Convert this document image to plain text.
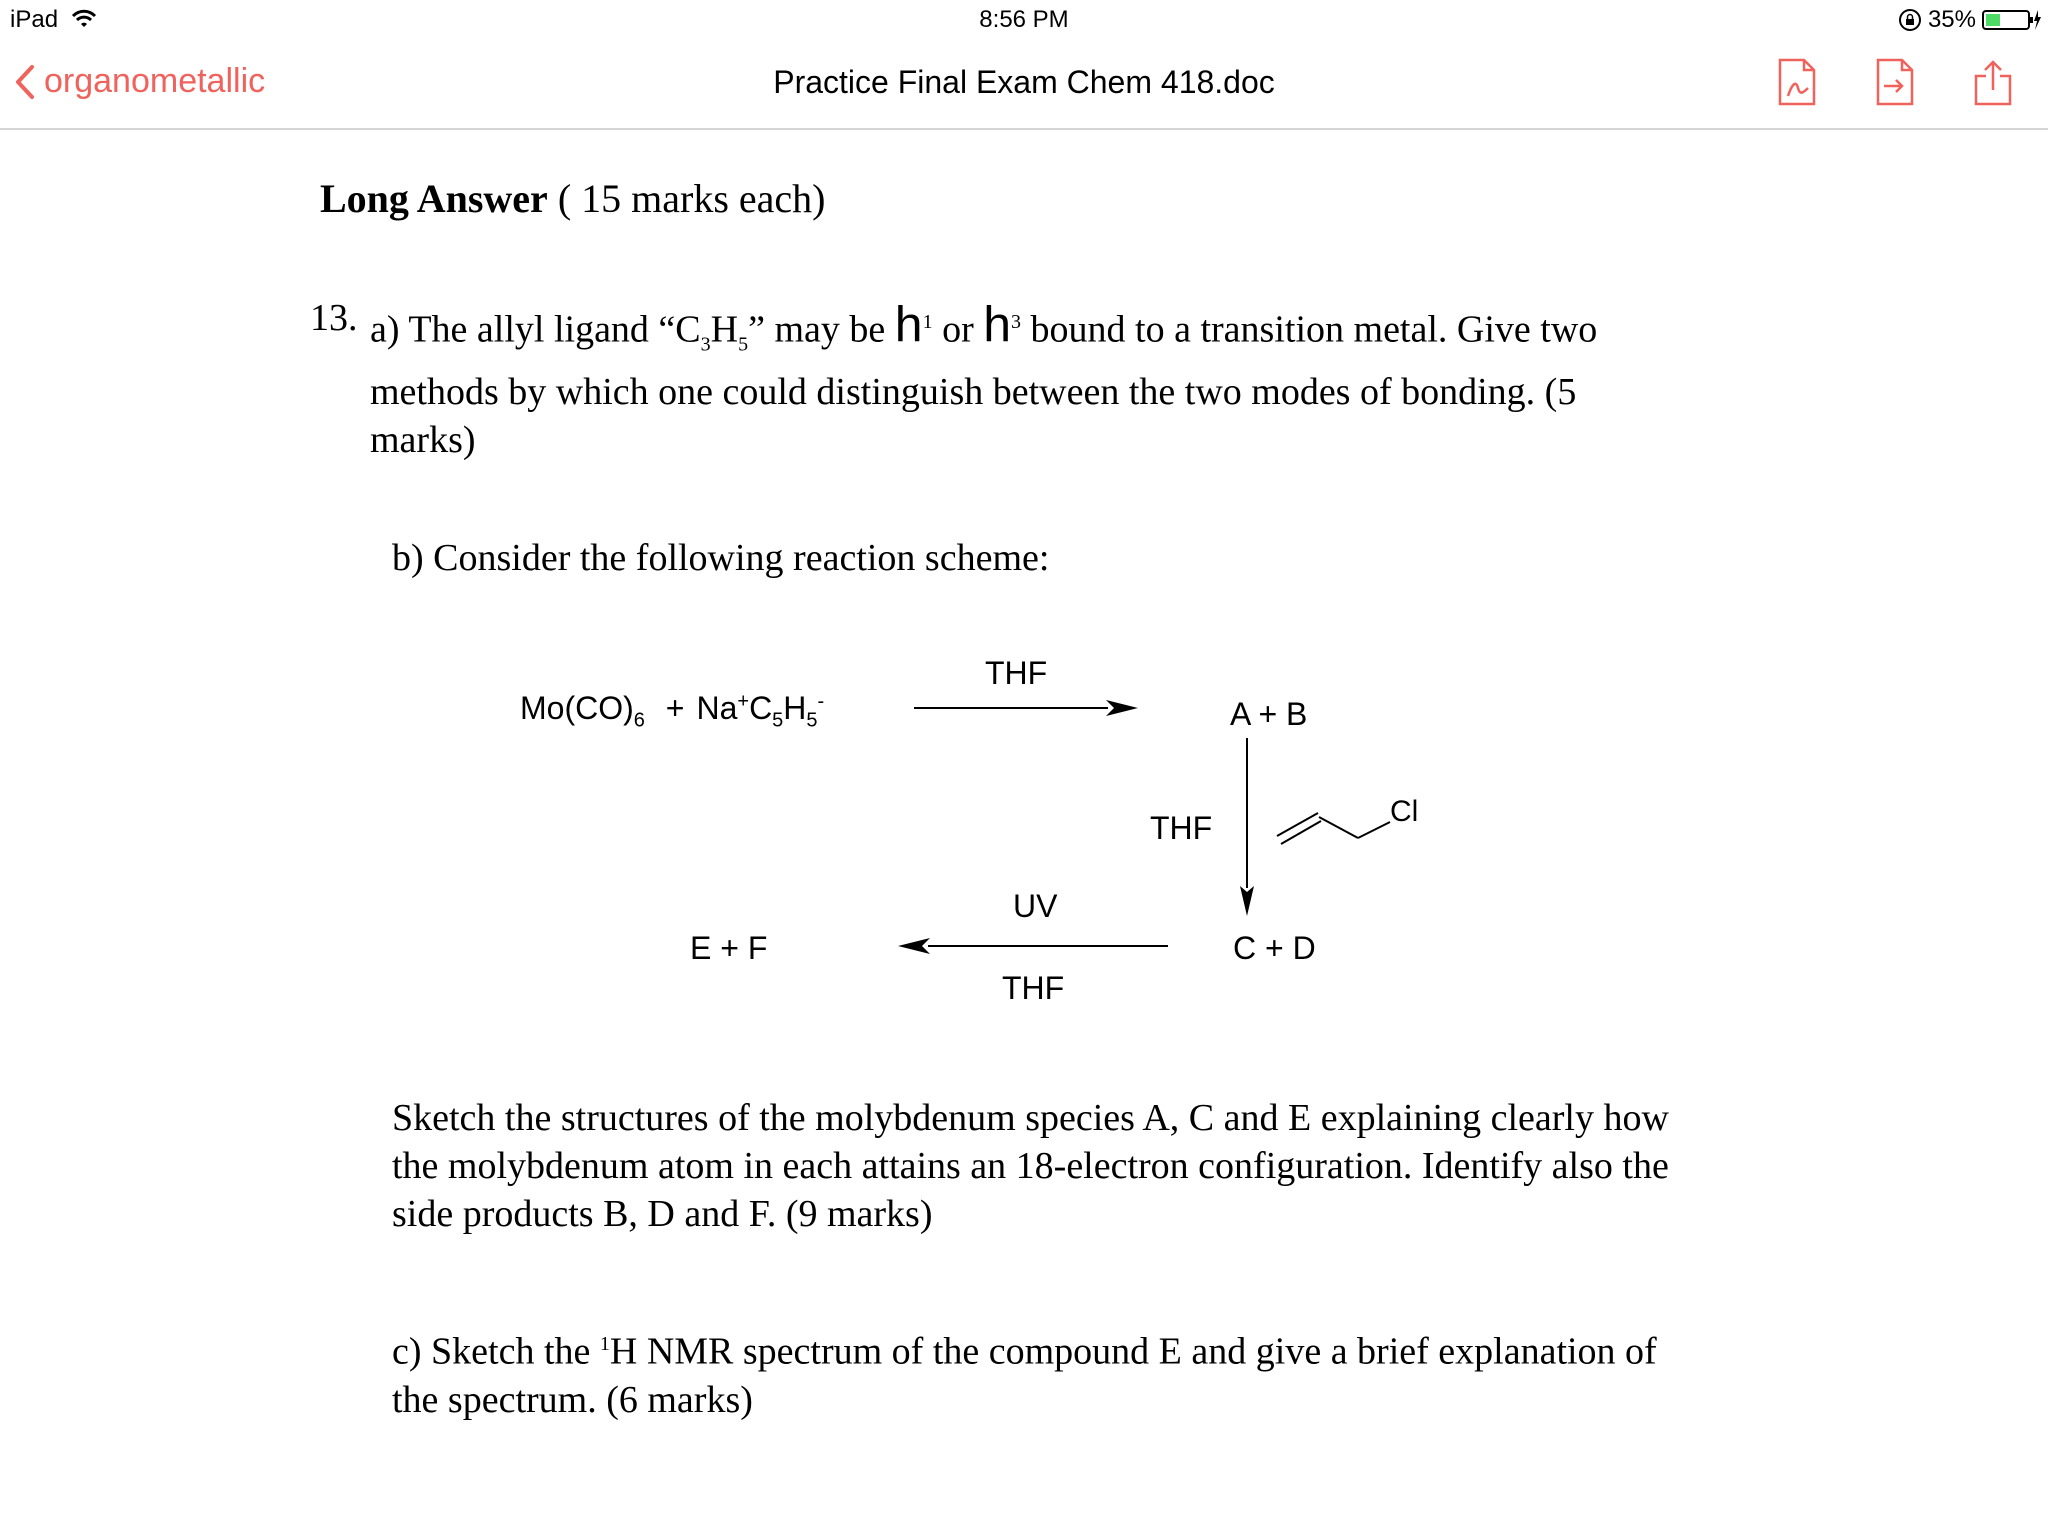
iPad	8:56 PM	35%
organometallic	Practice Final Exam Chem 418.doc
Long Answer ( 15 marks each)
13. a) The allyl ligand “$C_3H_5$” may be $h^1$ or $h^3$ bound to a transition metal. Give two
methods by which one could distinguish between the two modes of bonding. (5
marks)
b) Consider the following reaction scheme:
$Mo(CO)_6 + Na^+C_5H_5^-$
THF
A + B
THF	Cl
C + D
UV
THF
E + F
Sketch the structures of the molybdenum species A, C and E explaining clearly how
the molybdenum atom in each attains an 18-electron configuration. Identify also the
side products B, D and F. (9 marks)
c) Sketch the $^1$H NMR spectrum of the compound E and give a brief explanation of
the spectrum. (6 marks)
